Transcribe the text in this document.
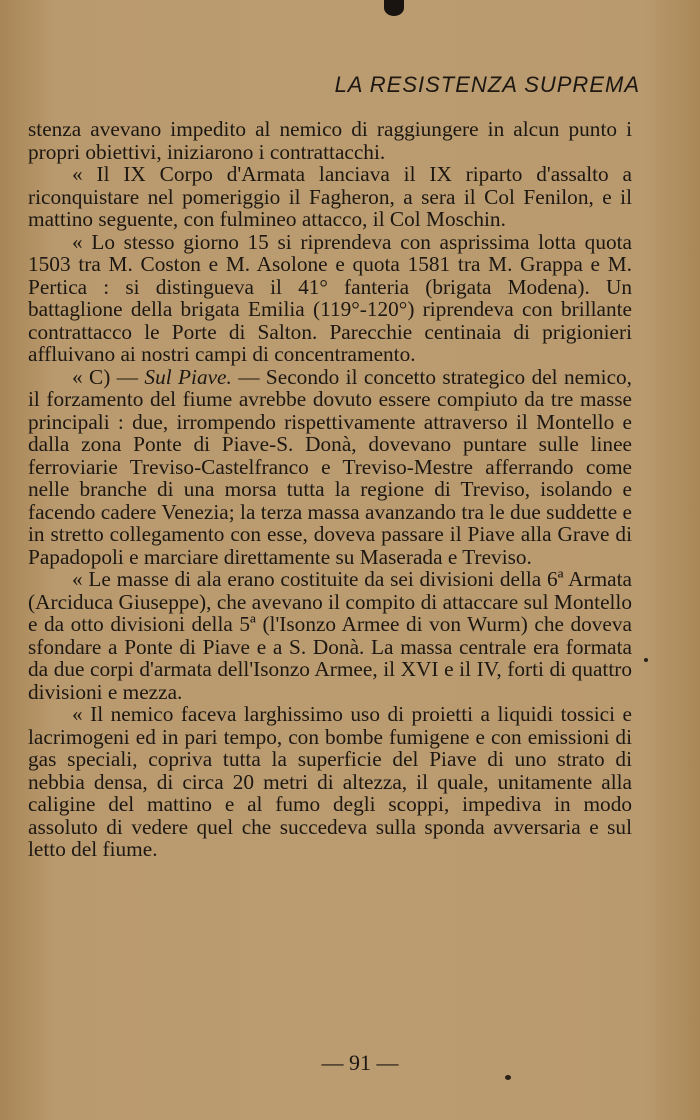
LA RESISTENZA SUPREMA

stenza avevano impedito al nemico di raggiungere in alcun punto i propri obiettivi, iniziarono i contrattacchi.

« Il IX Corpo d'Armata lanciava il IX riparto d'assalto a riconquistare nel pomeriggio il Fagheron, a sera il Col Fenilon, e il mattino seguente, con fulmineo attacco, il Col Moschin.

« Lo stesso giorno 15 si riprendeva con asprissima lotta quota 1503 tra M. Coston e M. Asolone e quota 1581 tra M. Grappa e M. Pertica : si distingueva il 41° fanteria (brigata Modena). Un battaglione della brigata Emilia (119°-120°) riprendeva con brillante contrattacco le Porte di Salton. Parecchie centinaia di prigionieri affluivano ai nostri campi di concentramento.

« C) — Sul Piave. — Secondo il concetto strategico del nemico, il forzamento del fiume avrebbe dovuto essere compiuto da tre masse principali : due, irrompendo rispettivamente attraverso il Montello e dalla zona Ponte di Piave-S. Donà, dovevano puntare sulle linee ferroviarie Treviso-Castelfranco e Treviso-Mestre afferrando come nelle branche di una morsa tutta la regione di Treviso, isolando e facendo cadere Venezia; la terza massa avanzando tra le due suddette e in stretto collegamento con esse, doveva passare il Piave alla Grave di Papadopoli e marciare direttamente su Maserada e Treviso.

« Le masse di ala erano costituite da sei divisioni della 6ª Armata (Arciduca Giuseppe), che avevano il compito di attaccare sul Montello e da otto divisioni della 5ª (l'Isonzo Armee di von Wurm) che doveva sfondare a Ponte di Piave e a S. Donà. La massa centrale era formata da due corpi d'armata dell'Isonzo Armee, il XVI e il IV, forti di quattro divisioni e mezza.

« Il nemico faceva larghissimo uso di proietti a liquidi tossici e lacrimogeni ed in pari tempo, con bombe fumigene e con emissioni di gas speciali, copriva tutta la superficie del Piave di uno strato di nebbia densa, di circa 20 metri di altezza, il quale, unitamente alla caligine del mattino e al fumo degli scoppi, impediva in modo assoluto di vedere quel che succedeva sulla sponda avversaria e sul letto del fiume.

— 91 —
